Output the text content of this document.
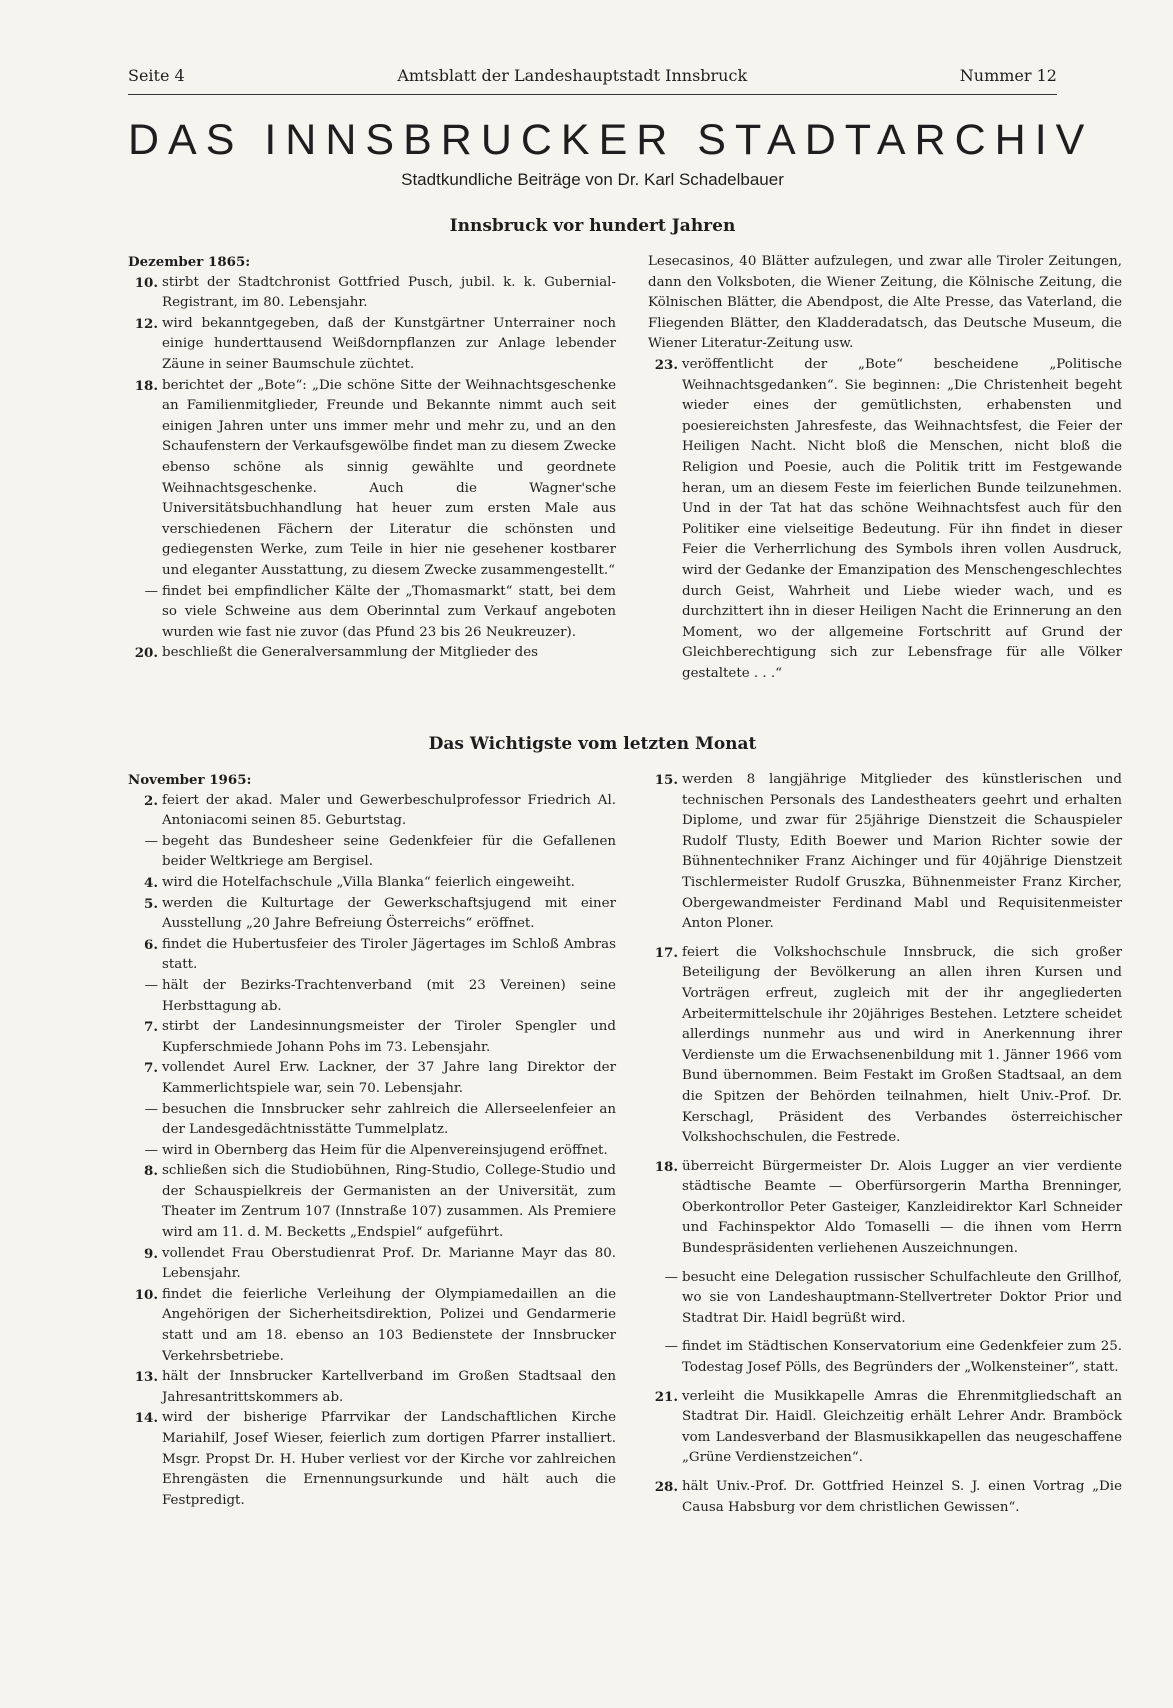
Seite 4	Amtsblatt der Landeshauptstadt Innsbruck	Nummer 12
DAS INNSBRUCKER STADTARCHIV
Stadtkundliche Beiträge von Dr. Karl Schadelbauer
Innsbruck vor hundert Jahren

Dezember 1865:

10. stirbt der Stadtchronist Gottfried Pusch, jubil. k. k. Gubernial-Registrant, im 80. Lebensjahr.
12. wird bekanntgegeben, daß der Kunstgärtner Unterrainer noch einige hunderttausend Weißdornpflanzen zur Anlage lebender Zäune in seiner Baumschule züchtet.
18. berichtet der „Bote“: „Die schöne Sitte der Weihnachtsgeschenke an Familienmitglieder, Freunde und Bekannte nimmt auch seit einigen Jahren unter uns immer mehr und mehr zu, und an den Schaufenstern der Verkaufsgewölbe findet man zu diesem Zwecke ebenso schöne als sinnig gewählte und geordnete Weihnachtsgeschenke. Auch die Wagner'sche Universitätsbuchhandlung hat heuer zum ersten Male aus verschiedenen Fächern der Literatur die schönsten und gediegensten Werke, zum Teile in hier nie gesehener kostbarer und eleganter Ausstattung, zu diesem Zwecke zusammengestellt.“
— findet bei empfindlicher Kälte der „Thomasmarkt“ statt, bei dem so viele Schweine aus dem Oberinntal zum Verkauf angeboten wurden wie fast nie zuvor (das Pfund 23 bis 26 Neukreuzer).
20. beschließt die Generalversammlung der Mitglieder des

Lesecasinos, 40 Blätter aufzulegen, und zwar alle Tiroler Zeitungen, dann den Volksboten, die Wiener Zeitung, die Kölnische Zeitung, die Kölnischen Blätter, die Abendpost, die Alte Presse, das Vaterland, die Fliegenden Blätter, den Kladderadatsch, das Deutsche Museum, die Wiener Literatur-Zeitung usw.

23. veröffentlicht der „Bote“ bescheidene „Politische Weihnachtsgedanken“. Sie beginnen: „Die Christenheit begeht wieder eines der gemütlichsten, erhabensten und poesiereichsten Jahresfeste, das Weihnachtsfest, die Feier der Heiligen Nacht. Nicht bloß die Menschen, nicht bloß die Religion und Poesie, auch die Politik tritt im Festgewande heran, um an diesem Feste im feierlichen Bunde teilzunehmen. Und in der Tat hat das schöne Weihnachtsfest auch für den Politiker eine vielseitige Bedeutung. Für ihn findet in dieser Feier die Verherrlichung des Symbols ihren vollen Ausdruck, wird der Gedanke der Emanzipation des Menschengeschlechtes durch Geist, Wahrheit und Liebe wieder wach, und es durchzittert ihn in dieser Heiligen Nacht die Erinnerung an den Moment, wo der allgemeine Fortschritt auf Grund der Gleichberechtigung sich zur Lebensfrage für alle Völker gestaltete . . .“
Das Wichtigste vom letzten Monat

November 1965:

2. feiert der akad. Maler und Gewerbeschulprofessor Friedrich Al. Antoniacomi seinen 85. Geburtstag.
— begeht das Bundesheer seine Gedenkfeier für die Gefallenen beider Weltkriege am Bergisel.
4. wird die Hotelfachschule „Villa Blanka“ feierlich eingeweiht.
5. werden die Kulturtage der Gewerkschaftsjugend mit einer Ausstellung „20 Jahre Befreiung Österreichs“ eröffnet.
6. findet die Hubertusfeier des Tiroler Jägertages im Schloß Ambras statt.
— hält der Bezirks-Trachtenverband (mit 23 Vereinen) seine Herbsttagung ab.
7. stirbt der Landesinnungsmeister der Tiroler Spengler und Kupferschmiede Johann Pohs im 73. Lebensjahr.
7. vollendet Aurel Erw. Lackner, der 37 Jahre lang Direktor der Kammerlichtspiele war, sein 70. Lebensjahr.
— besuchen die Innsbrucker sehr zahlreich die Allerseelenfeier an der Landesgedächtnisstätte Tummelplatz.
— wird in Obernberg das Heim für die Alpenvereinsjugend eröffnet.
8. schließen sich die Studiobühnen, Ring-Studio, College-Studio und der Schauspielkreis der Germanisten an der Universität, zum Theater im Zentrum 107 (Innstraße 107) zusammen. Als Premiere wird am 11. d. M. Becketts „Endspiel“ aufgeführt.
9. vollendet Frau Oberstudienrat Prof. Dr. Marianne Mayr das 80. Lebensjahr.
10. findet die feierliche Verleihung der Olympiamedaillen an die Angehörigen der Sicherheitsdirektion, Polizei und Gendarmerie statt und am 18. ebenso an 103 Bedienstete der Innsbrucker Verkehrsbetriebe.
13. hält der Innsbrucker Kartellverband im Großen Stadtsaal den Jahresantrittskommers ab.
14. wird der bisherige Pfarrvikar der Landschaftlichen Kirche Mariahilf, Josef Wieser, feierlich zum dortigen Pfarrer installiert. Msgr. Propst Dr. H. Huber verliest vor der Kirche vor zahlreichen Ehrengästen die Ernennungsurkunde und hält auch die Festpredigt.
15. werden 8 langjährige Mitglieder des künstlerischen und technischen Personals des Landestheaters geehrt und erhalten Diplome, und zwar für 25jährige Dienstzeit die Schauspieler Rudolf Tlusty, Edith Boewer und Marion Richter sowie der Bühnentechniker Franz Aichinger und für 40jährige Dienstzeit Tischlermeister Rudolf Gruszka, Bühnenmeister Franz Kircher, Obergewandmeister Ferdinand Mabl und Requisitenmeister Anton Ploner.
17. feiert die Volkshochschule Innsbruck, die sich großer Beteiligung der Bevölkerung an allen ihren Kursen und Vorträgen erfreut, zugleich mit der ihr angegliederten Arbeitermittelschule ihr 20jähriges Bestehen. Letztere scheidet allerdings nunmehr aus und wird in Anerkennung ihrer Verdienste um die Erwachsenenbildung mit 1. Jänner 1966 vom Bund übernommen. Beim Festakt im Großen Stadtsaal, an dem die Spitzen der Behörden teilnahmen, hielt Univ.-Prof. Dr. Kerschagl, Präsident des Verbandes österreichischer Volkshochschulen, die Festrede.
18. überreicht Bürgermeister Dr. Alois Lugger an vier verdiente städtische Beamte — Oberfürsorgerin Martha Brenninger, Oberkontrollor Peter Gasteiger, Kanzleidirektor Karl Schneider und Fachinspektor Aldo Tomaselli — die ihnen vom Herrn Bundespräsidenten verliehenen Auszeichnungen.
— besucht eine Delegation russischer Schulfachleute den Grillhof, wo sie von Landeshauptmann-Stellvertreter Doktor Prior und Stadtrat Dir. Haidl begrüßt wird.
— findet im Städtischen Konservatorium eine Gedenkfeier zum 25. Todestag Josef Pölls, des Begründers der „Wolkensteiner“, statt.
21. verleiht die Musikkapelle Amras die Ehrenmitgliedschaft an Stadtrat Dir. Haidl. Gleichzeitig erhält Lehrer Andr. Bramböck vom Landesverband der Blasmusikkapellen das neugeschaffene „Grüne Verdienstzeichen“.
28. hält Univ.-Prof. Dr. Gottfried Heinzel S. J. einen Vortrag „Die Causa Habsburg vor dem christlichen Gewissen“.
